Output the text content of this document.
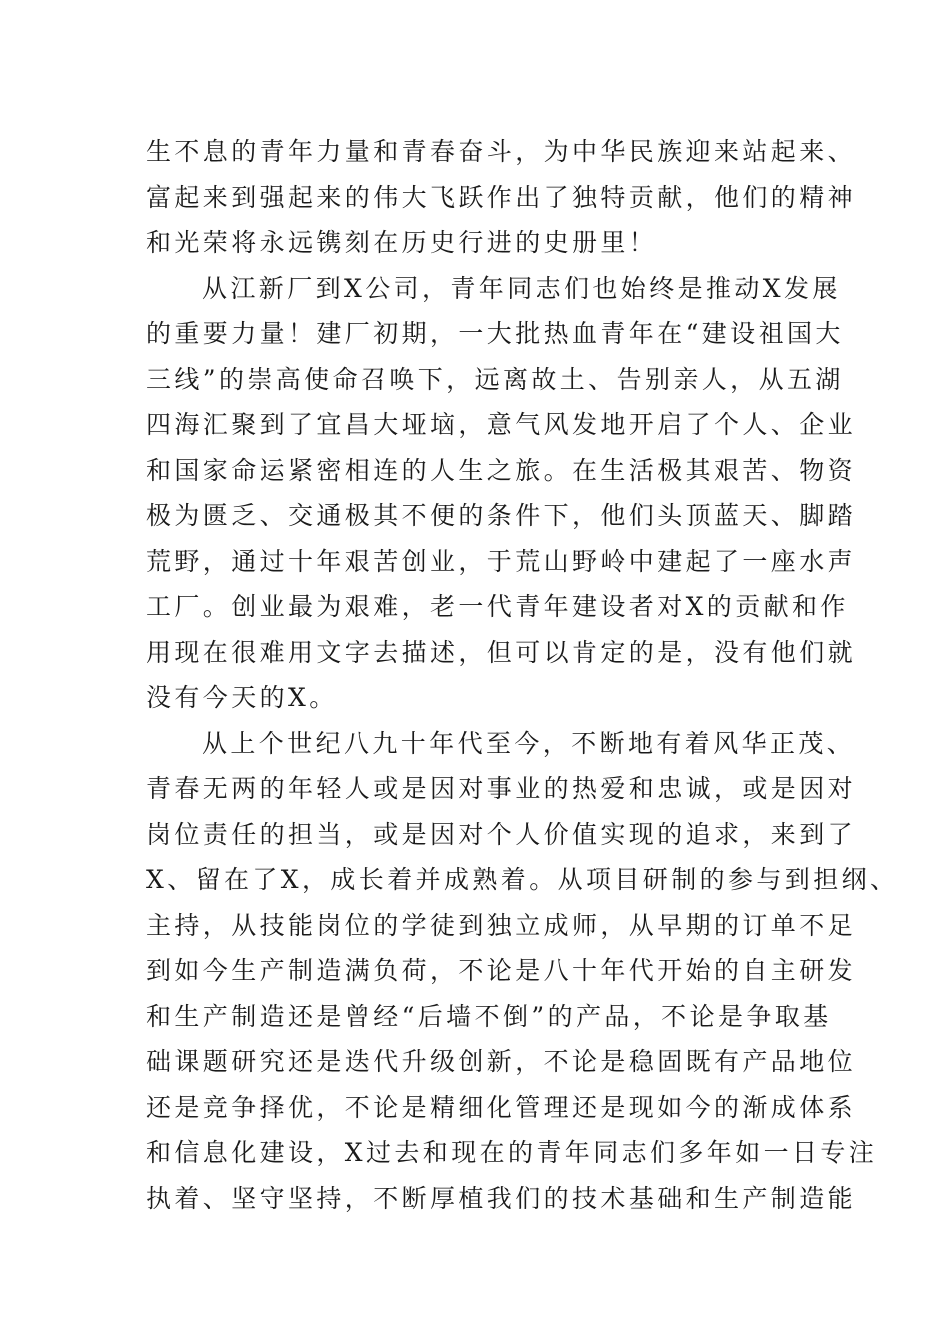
生不息的青年力量和青春奋斗，为中华民族迎来站起来、
富起来到强起来的伟大飞跃作出了独特贡献，他们的精神
和光荣将永远镌刻在历史行进的史册里！

从江新厂到X公司，青年同志们也始终是推动X发展
的重要力量！建厂初期，一大批热血青年在“建设祖国大
三线”的崇高使命召唤下，远离故土、告别亲人，从五湖
四海汇聚到了宜昌大垭垴，意气风发地开启了个人、企业
和国家命运紧密相连的人生之旅。在生活极其艰苦、物资
极为匮乏、交通极其不便的条件下，他们头顶蓝天、脚踏
荒野，通过十年艰苦创业，于荒山野岭中建起了一座水声
工厂。创业最为艰难，老一代青年建设者对X的贡献和作
用现在很难用文字去描述，但可以肯定的是，没有他们就
没有今天的X。

从上个世纪八九十年代至今，不断地有着风华正茂、
青春无两的年轻人或是因对事业的热爱和忠诚，或是因对
岗位责任的担当，或是因对个人价值实现的追求，来到了
X、留在了X，成长着并成熟着。从项目研制的参与到担纲、
主持，从技能岗位的学徒到独立成师，从早期的订单不足
到如今生产制造满负荷，不论是八十年代开始的自主研发
和生产制造还是曾经“后墙不倒”的产品，不论是争取基
础课题研究还是迭代升级创新，不论是稳固既有产品地位
还是竞争择优，不论是精细化管理还是现如今的渐成体系
和信息化建设，X过去和现在的青年同志们多年如一日专注
执着、坚守坚持，不断厚植我们的技术基础和生产制造能
